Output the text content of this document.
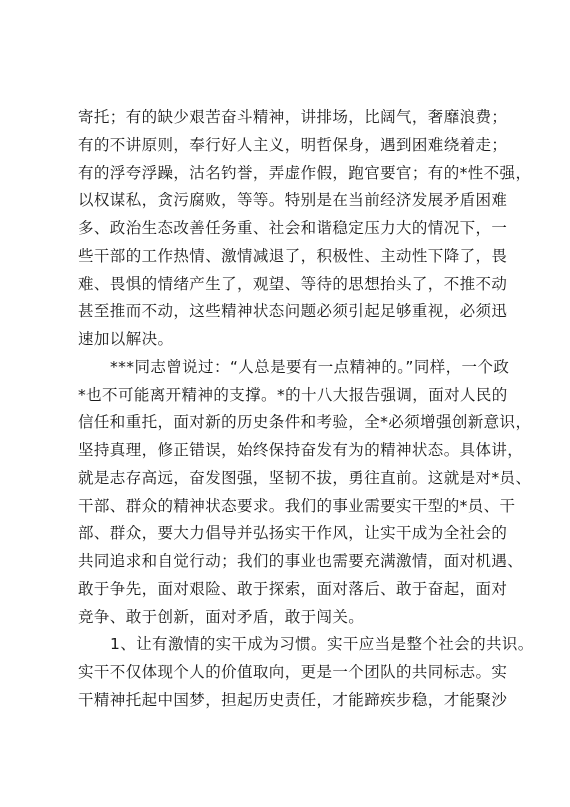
寄托；有的缺少艰苦奋斗精神，讲排场，比阔气，奢靡浪费；
有的不讲原则，奉行好人主义，明哲保身，遇到困难绕着走；
有的浮夸浮躁，沽名钓誉，弄虚作假，跑官要官；有的*性不强，
以权谋私，贪污腐败，等等。特别是在当前经济发展矛盾困难
多、政治生态改善任务重、社会和谐稳定压力大的情况下，一
些干部的工作热情、激情减退了，积极性、主动性下降了，畏
难、畏惧的情绪产生了，观望、等待的思想抬头了，不推不动
甚至推而不动，这些精神状态问题必须引起足够重视，必须迅
速加以解决。
***同志曾说过：“人总是要有一点精神的。”同样，一个政
*也不可能离开精神的支撑。*的十八大报告强调，面对人民的
信任和重托，面对新的历史条件和考验，全*必须增强创新意识，
坚持真理，修正错误，始终保持奋发有为的精神状态。具体讲，
就是志存高远，奋发图强，坚韧不拔，勇往直前。这就是对*员、
干部、群众的精神状态要求。我们的事业需要实干型的*员、干
部、群众，要大力倡导并弘扬实干作风，让实干成为全社会的
共同追求和自觉行动；我们的事业也需要充满激情，面对机遇、
敢于争先，面对艰险、敢于探索，面对落后、敢于奋起，面对
竞争、敢于创新，面对矛盾，敢于闯关。
1、让有激情的实干成为习惯。实干应当是整个社会的共识。
实干不仅体现个人的价值取向，更是一个团队的共同标志。实
干精神托起中国梦，担起历史责任，才能蹄疾步稳，才能聚沙
